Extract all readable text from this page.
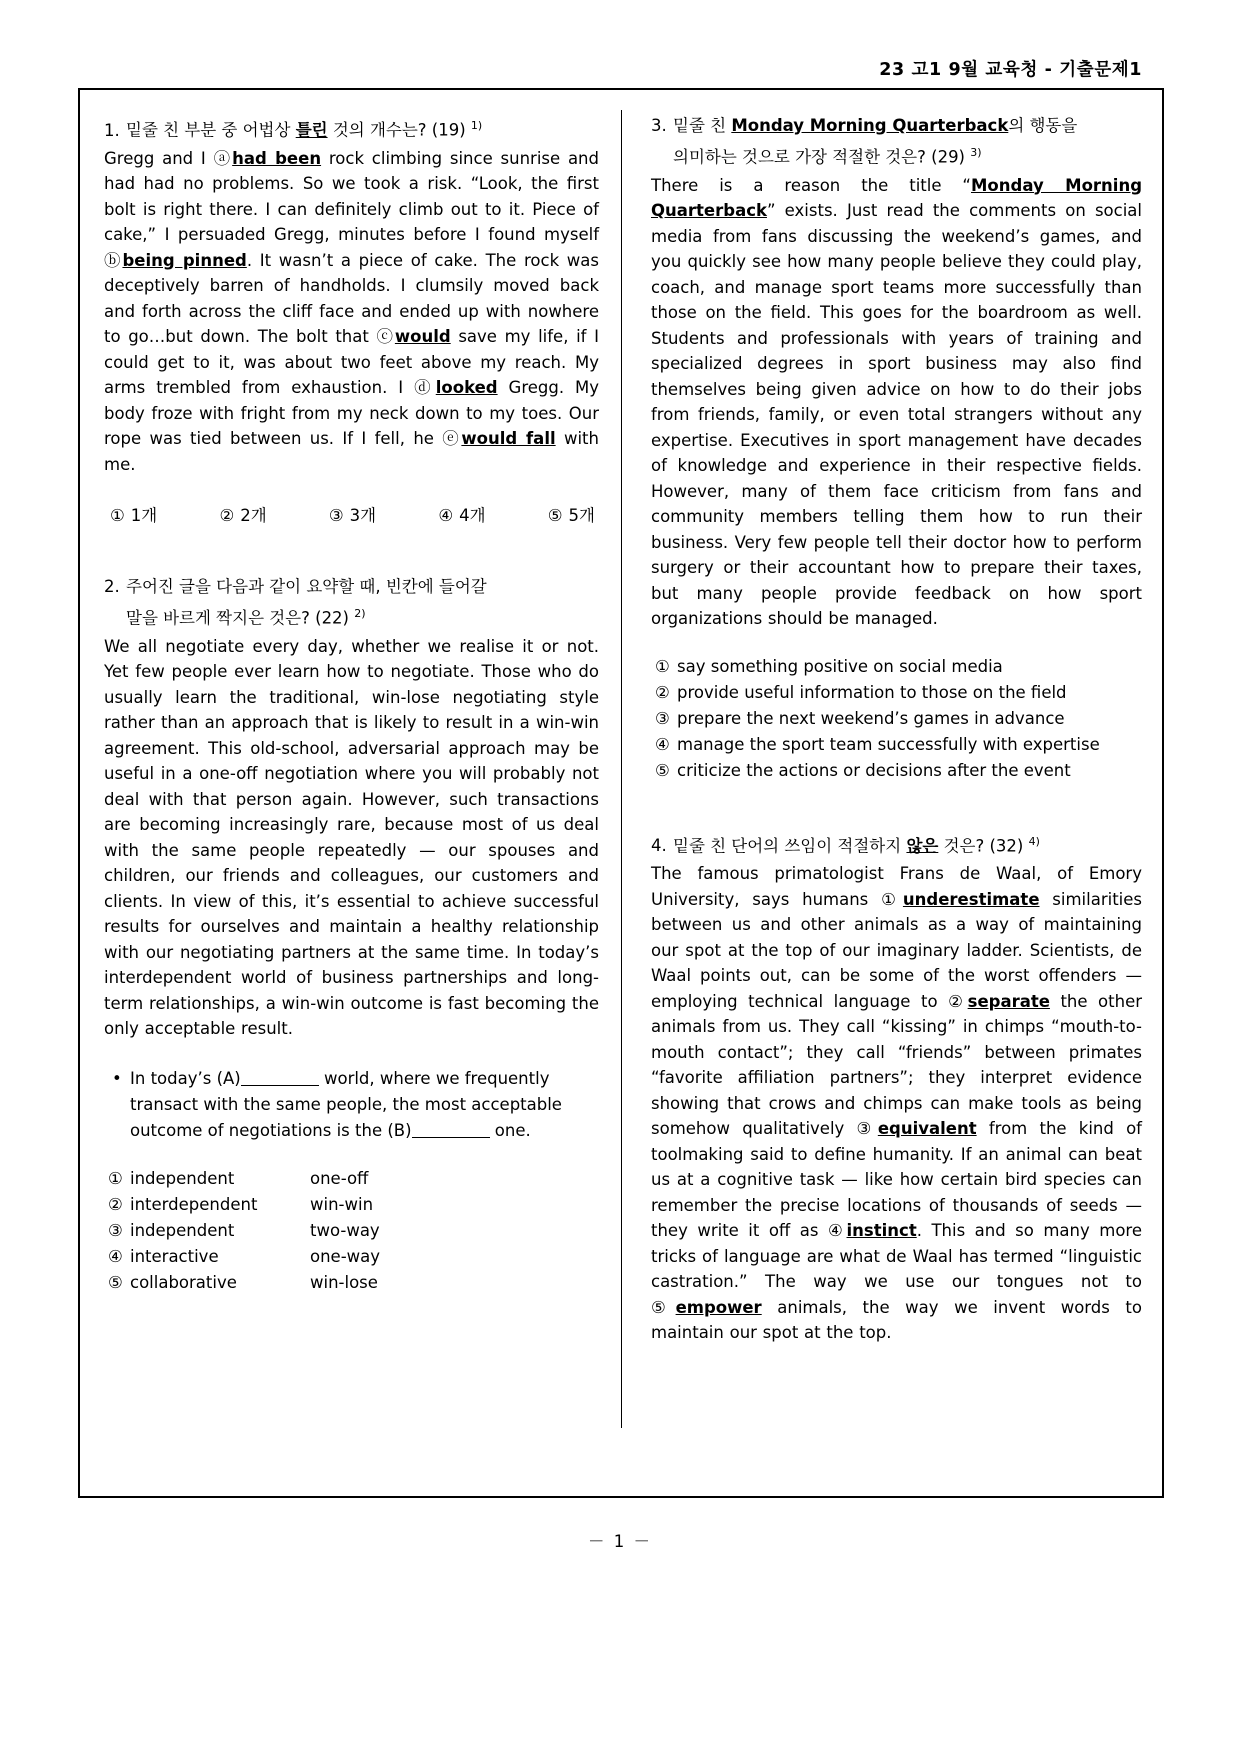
23 고1 9월 교육청 - 기출문제1
1. 밑줄 친 부분 중 어법상 틀린 것의 개수는? (19) $^{1)}$

Gregg and I ⓐhad been rock climbing since sunrise and had had no problems. So we took a risk. “Look, the first bolt is right there. I can definitely climb out to it. Piece of cake,” I persuaded Gregg, minutes before I found myself ⓑbeing pinned. It wasn’t a piece of cake. The rock was deceptively barren of handholds. I clumsily moved back and forth across the cliff face and ended up with nowhere to go…but down. The bolt that ⓒwould save my life, if I could get to it, was about two feet above my reach. My arms trembled from exhaustion. I ⓓlooked Gregg. My body froze with fright from my neck down to my toes. Our rope was tied between us. If I fell, he ⓔwould fall with me.

① 1개	② 2개	③ 3개	④ 4개	⑤ 5개
2. 주어진 글을 다음과 같이 요약할 때, 빈칸에 들어갈
말을 바르게 짝지은 것은? (22) $^{2)}$

We all negotiate every day, whether we realise it or not. Yet few people ever learn how to negotiate. Those who do usually learn the traditional, win-lose negotiating style rather than an approach that is likely to result in a win-win agreement. This old-school, adversarial approach may be useful in a one-off negotiation where you will probably not deal with that person again. However, such transactions are becoming increasingly rare, because most of us deal with the same people repeatedly — our spouses and children, our friends and colleagues, our customers and clients. In view of this, it’s essential to achieve successful results for ourselves and maintain a healthy relationship with our negotiating partners at the same time. In today’s interdependent world of business partnerships and long-term relationships, a win-win outcome is fast becoming the only acceptable result.

• In today’s (A)	world, where we frequently transact with the same people, the most acceptable outcome of negotiations is the (B)	one.
① independent	one-off
② interdependent	win-win
③ independent	two-way
④ interactive	one-way
⑤ collaborative	win-lose
3. 밑줄 친 Monday Morning Quarterback의 행동을
의미하는 것으로 가장 적절한 것은? (29) $^{3)}$

There is a reason the title “Monday Morning Quarterback” exists. Just read the comments on social media from fans discussing the weekend’s games, and you quickly see how many people believe they could play, coach, and manage sport teams more successfully than those on the field. This goes for the boardroom as well. Students and professionals with years of training and specialized degrees in sport business may also find themselves being given advice on how to do their jobs from friends, family, or even total strangers without any expertise. Executives in sport management have decades of knowledge and experience in their respective fields. However, many of them face criticism from fans and community members telling them how to run their business. Very few people tell their doctor how to perform surgery or their accountant how to prepare their taxes, but many people provide feedback on how sport organizations should be managed.

① say something positive on social media
② provide useful information to those on the field
③ prepare the next weekend’s games in advance
④ manage the sport team successfully with expertise
⑤ criticize the actions or decisions after the event
4. 밑줄 친 단어의 쓰임이 적절하지 않은 것은? (32) $^{4)}$

The famous primatologist Frans de Waal, of Emory University, says humans ①underestimate similarities between us and other animals as a way of maintaining our spot at the top of our imaginary ladder. Scientists, de Waal points out, can be some of the worst offenders — employing technical language to ②separate the other animals from us. They call “kissing” in chimps “mouth-to-mouth contact”; they call “friends” between primates “favorite affiliation partners”; they interpret evidence showing that crows and chimps can make tools as being somehow qualitatively ③equivalent from the kind of toolmaking said to define humanity. If an animal can beat us at a cognitive task — like how certain bird species can remember the precise locations of thousands of seeds — they write it off as ④instinct. This and so many more tricks of language are what de Waal has termed “linguistic castration.” The way we use our tongues not to ⑤empower animals, the way we invent words to maintain our spot at the top.

－ 1 －
